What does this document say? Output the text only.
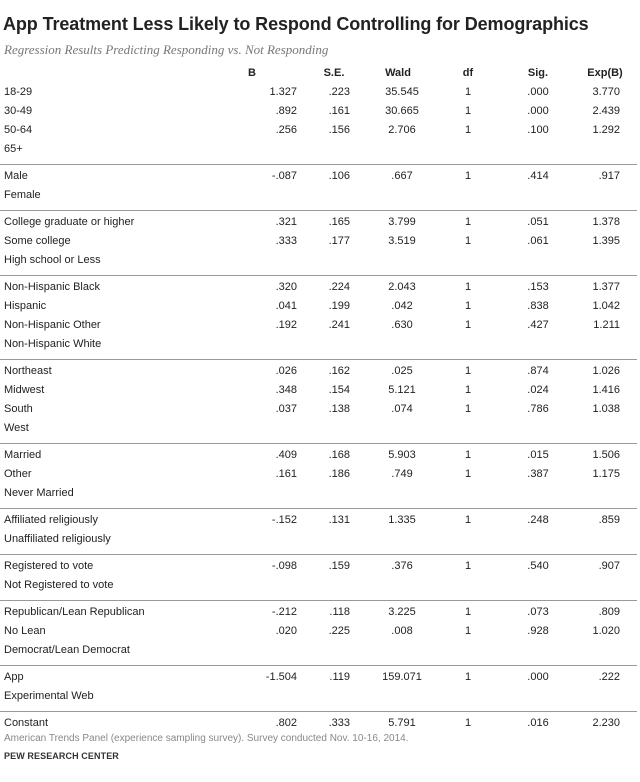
App Treatment Less Likely to Respond Controlling for Demographics
Regression Results Predicting Responding vs. Not Responding
B	S.E.	Wald	df	Sig.	Exp(B)
18-29	1.327	.223	35.545	1	.000	3.770
30-49	.892	.161	30.665	1	.000	2.439
50-64	.256	.156	2.706	1	.100	1.292
65+
Male	-.087	.106	.667	1	.414	.917
Female
College graduate or higher	.321	.165	3.799	1	.051	1.378
Some college	.333	.177	3.519	1	.061	1.395
High school or Less
Non-Hispanic Black	.320	.224	2.043	1	.153	1.377
Hispanic	.041	.199	.042	1	.838	1.042
Non-Hispanic Other	.192	.241	.630	1	.427	1.211
Non-Hispanic White
Northeast	.026	.162	.025	1	.874	1.026
Midwest	.348	.154	5.121	1	.024	1.416
South	.037	.138	.074	1	.786	1.038
West
Married	.409	.168	5.903	1	.015	1.506
Other	.161	.186	.749	1	.387	1.175
Never Married
Affiliated religiously	-.152	.131	1.335	1	.248	.859
Unaffiliated religiously
Registered to vote	-.098	.159	.376	1	.540	.907
Not Registered to vote
Republican/Lean Republican	-.212	.118	3.225	1	.073	.809
No Lean	.020	.225	.008	1	.928	1.020
Democrat/Lean Democrat
App	-1.504	.119	159.071	1	.000	.222
Experimental Web
Constant	.802	.333	5.791	1	.016	2.230
American Trends Panel (experience sampling survey). Survey conducted Nov. 10-16, 2014.
PEW RESEARCH CENTER
